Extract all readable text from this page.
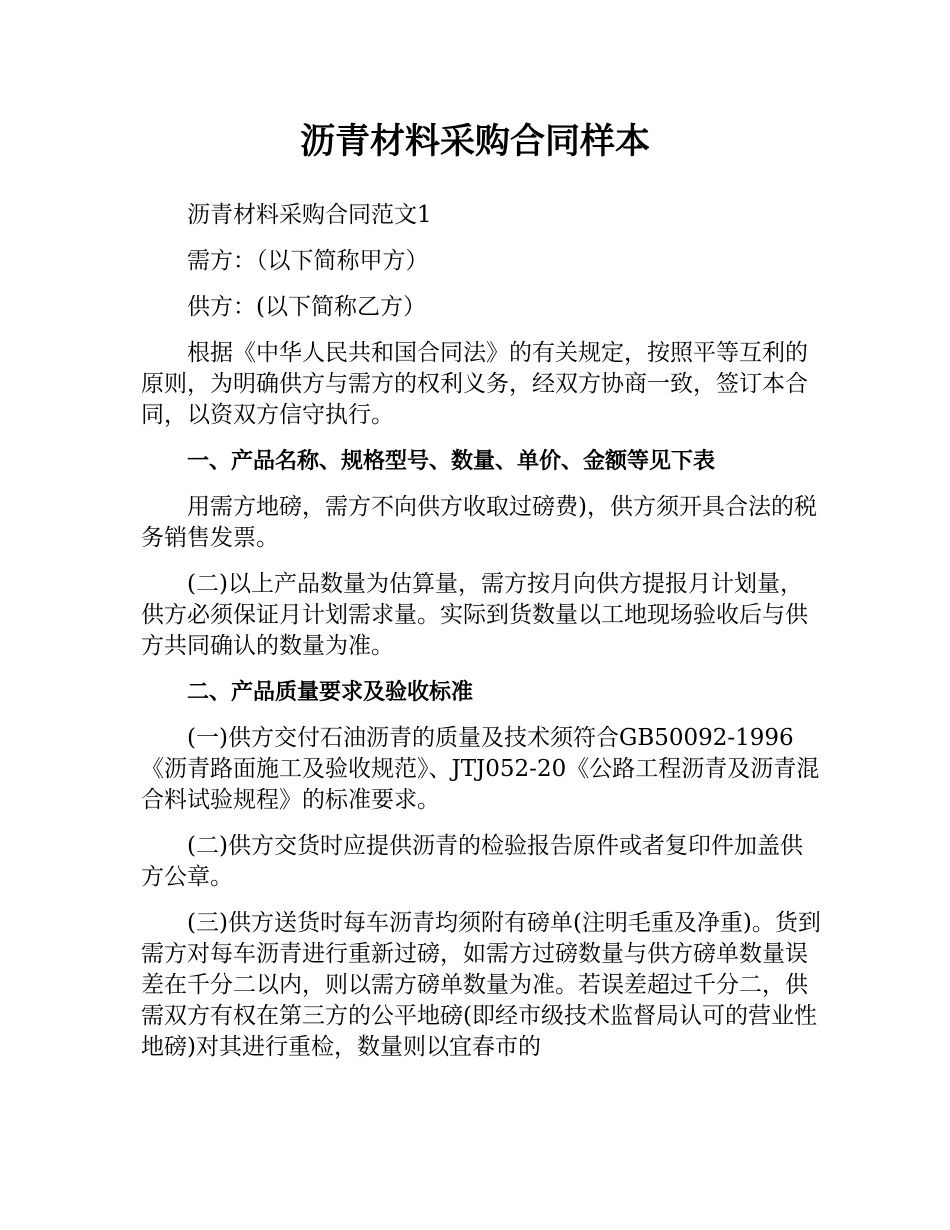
沥青材料采购合同样本

沥青材料采购合同范文1

需方：（以下简称甲方）

供方：(以下简称乙方）

根据《中华人民共和国合同法》的有关规定，按照平等互利的原则，为明确供方与需方的权利义务，经双方协商一致，签订本合同，以资双方信守执行。

一、产品名称、规格型号、数量、单价、金额等见下表

用需方地磅，需方不向供方收取过磅费)，供方须开具合法的税务销售发票。

(二)以上产品数量为估算量，需方按月向供方提报月计划量，供方必须保证月计划需求量。实际到货数量以工地现场验收后与供方共同确认的数量为准。

二、产品质量要求及验收标准

(一)供方交付石油沥青的质量及技术须符合GB50092-1996《沥青路面施工及验收规范》、JTJ052-20《公路工程沥青及沥青混合料试验规程》的标准要求。

(二)供方交货时应提供沥青的检验报告原件或者复印件加盖供方公章。

(三)供方送货时每车沥青均须附有磅单(注明毛重及净重)。货到需方对每车沥青进行重新过磅，如需方过磅数量与供方磅单数量误差在千分二以内，则以需方磅单数量为准。若误差超过千分二，供需双方有权在第三方的公平地磅(即经市级技术监督局认可的营业性地磅)对其进行重检，数量则以宜春市的
